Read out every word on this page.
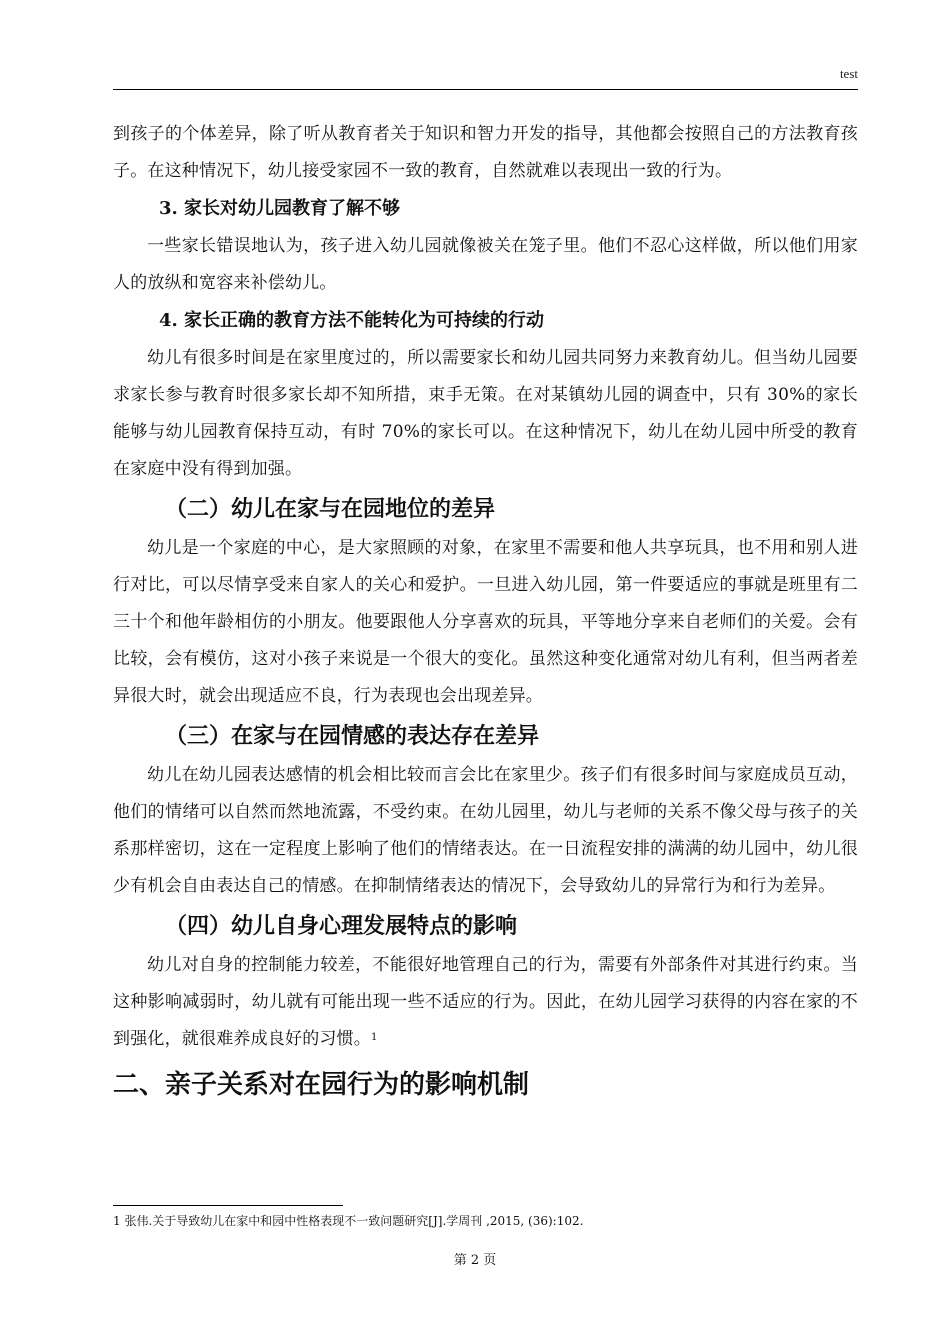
test

到孩子的个体差异，除了听从教育者关于知识和智力开发的指导，其他都会按照自己的方法教育孩子。在这种情况下，幼儿接受家园不一致的教育，自然就难以表现出一致的行为。

3. 家长对幼儿园教育了解不够

一些家长错误地认为，孩子进入幼儿园就像被关在笼子里。他们不忍心这样做，所以他们用家人的放纵和宽容来补偿幼儿。

4. 家长正确的教育方法不能转化为可持续的行动

幼儿有很多时间是在家里度过的，所以需要家长和幼儿园共同努力来教育幼儿。但当幼儿园要求家长参与教育时很多家长却不知所措，束手无策。在对某镇幼儿园的调查中，只有 30%的家长能够与幼儿园教育保持互动，有时 70%的家长可以。在这种情况下，幼儿在幼儿园中所受的教育在家庭中没有得到加强。

（二）幼儿在家与在园地位的差异

幼儿是一个家庭的中心，是大家照顾的对象，在家里不需要和他人共享玩具，也不用和别人进行对比，可以尽情享受来自家人的关心和爱护。一旦进入幼儿园，第一件要适应的事就是班里有二三十个和他年龄相仿的小朋友。他要跟他人分享喜欢的玩具，平等地分享来自老师们的关爱。会有比较，会有模仿，这对小孩子来说是一个很大的变化。虽然这种变化通常对幼儿有利，但当两者差异很大时，就会出现适应不良，行为表现也会出现差异。

（三）在家与在园情感的表达存在差异

幼儿在幼儿园表达感情的机会相比较而言会比在家里少。孩子们有很多时间与家庭成员互动，他们的情绪可以自然而然地流露，不受约束。在幼儿园里，幼儿与老师的关系不像父母与孩子的关系那样密切，这在一定程度上影响了他们的情绪表达。在一日流程安排的满满的幼儿园中，幼儿很少有机会自由表达自己的情感。在抑制情绪表达的情况下，会导致幼儿的异常行为和行为差异。

（四）幼儿自身心理发展特点的影响

幼儿对自身的控制能力较差，不能很好地管理自己的行为，需要有外部条件对其进行约束。当这种影响减弱时，幼儿就有可能出现一些不适应的行为。因此，在幼儿园学习获得的内容在家的不到强化，就很难养成良好的习惯。$^1$

二、亲子关系对在园行为的影响机制

1 张伟.关于导致幼儿在家中和园中性格表现不一致问题研究[J].学周刊 ,2015, (36):102.
第 2 页
